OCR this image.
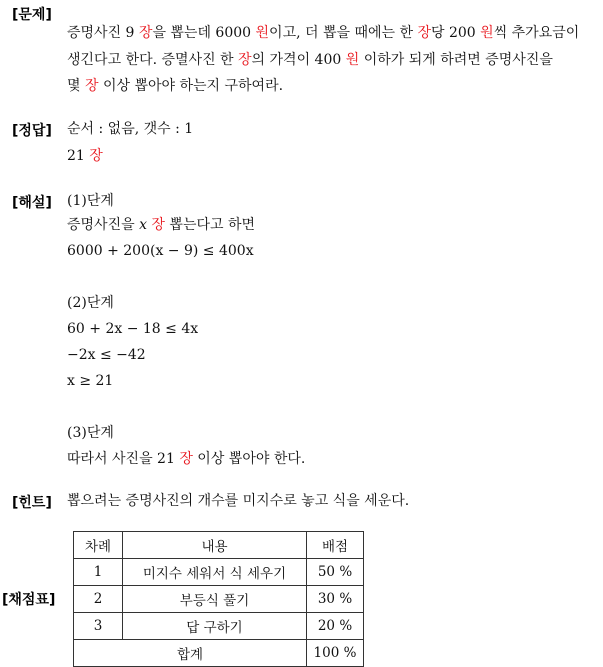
[문제]
[정답]
[해설]
[힌트]
[채점표]
증명사진 9 장을 뽑는데 6000 원이고, 더 뽑을 때에는 한 장당 200 원씩 추가요금이
생긴다고 한다. 증멸사진 한 장의 가격이 400 원 이하가 되게 하려면 증명사진을
몇 장 이상 뽑아야 하는지 구하여라.
순서 : 없음, 갯수 : 1
21 장
(1)단계
증명사진을 x 장 뽑는다고 하면
6000 + 200(x − 9) ≤ 400x
(2)단계
60 + 2x − 18 ≤ 4x
−2x ≤ −42
x ≥ 21
(3)단계
따라서 사진을 21 장 이상 뽑아야 한다.
뽑으려는 증명사진의 개수를 미지수로 놓고 식을 세운다.
차례	내용	배점
1	미지수 세워서 식 세우기	50 %
2	부등식 풀기	30 %
3	답 구하기	20 %
합계		100 %
